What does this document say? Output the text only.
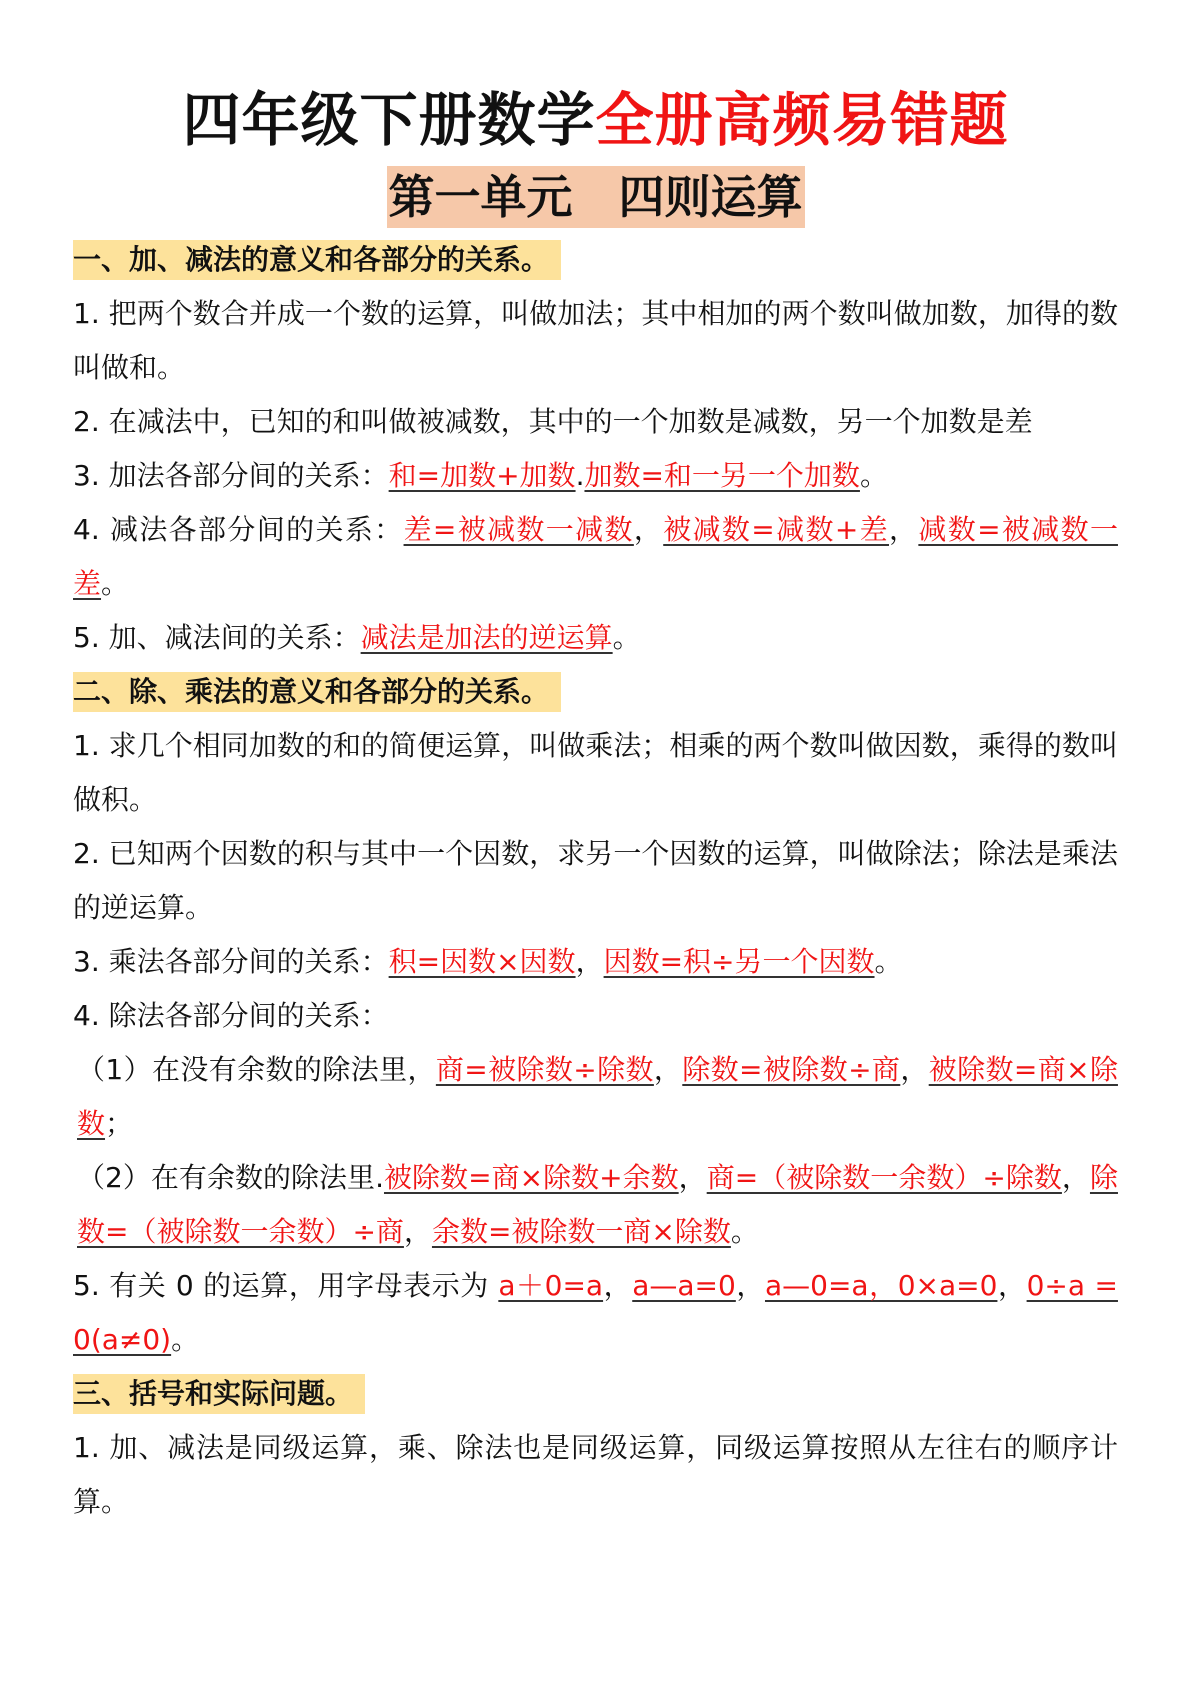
四年级下册数学全册高频易错题
第一单元　四则运算
一、加、减法的意义和各部分的关系。
1. 把两个数合并成一个数的运算，叫做加法；其中相加的两个数叫做加数，加得的数叫做和。
2. 在减法中，已知的和叫做被减数，其中的一个加数是减数，另一个加数是差
3. 加法各部分间的关系：和=加数+加数.加数=和一另一个加数。
4. 减法各部分间的关系：差=被减数一减数，被减数=减数+差，减数=被减数一差。
5. 加、减法间的关系：减法是加法的逆运算。
二、除、乘法的意义和各部分的关系。
1. 求几个相同加数的和的简便运算，叫做乘法；相乘的两个数叫做因数，乘得的数叫做积。
2. 已知两个因数的积与其中一个因数，求另一个因数的运算，叫做除法；除法是乘法的逆运算。
3. 乘法各部分间的关系：积=因数×因数，因数=积÷另一个因数。
4. 除法各部分间的关系：
（1）在没有余数的除法里，商=被除数÷除数，除数=被除数÷商，被除数=商×除数；
（2）在有余数的除法里.被除数=商×除数+余数，商=（被除数一余数）÷除数，除数=（被除数一余数）÷商，余数=被除数一商×除数。
5. 有关 0 的运算，用字母表示为 a＋0=a，a—a=0，a—0=a，0×a=0，0÷a = 0(a≠0)。
三、括号和实际问题。
1. 加、减法是同级运算，乘、除法也是同级运算，同级运算按照从左往右的顺序计算。
